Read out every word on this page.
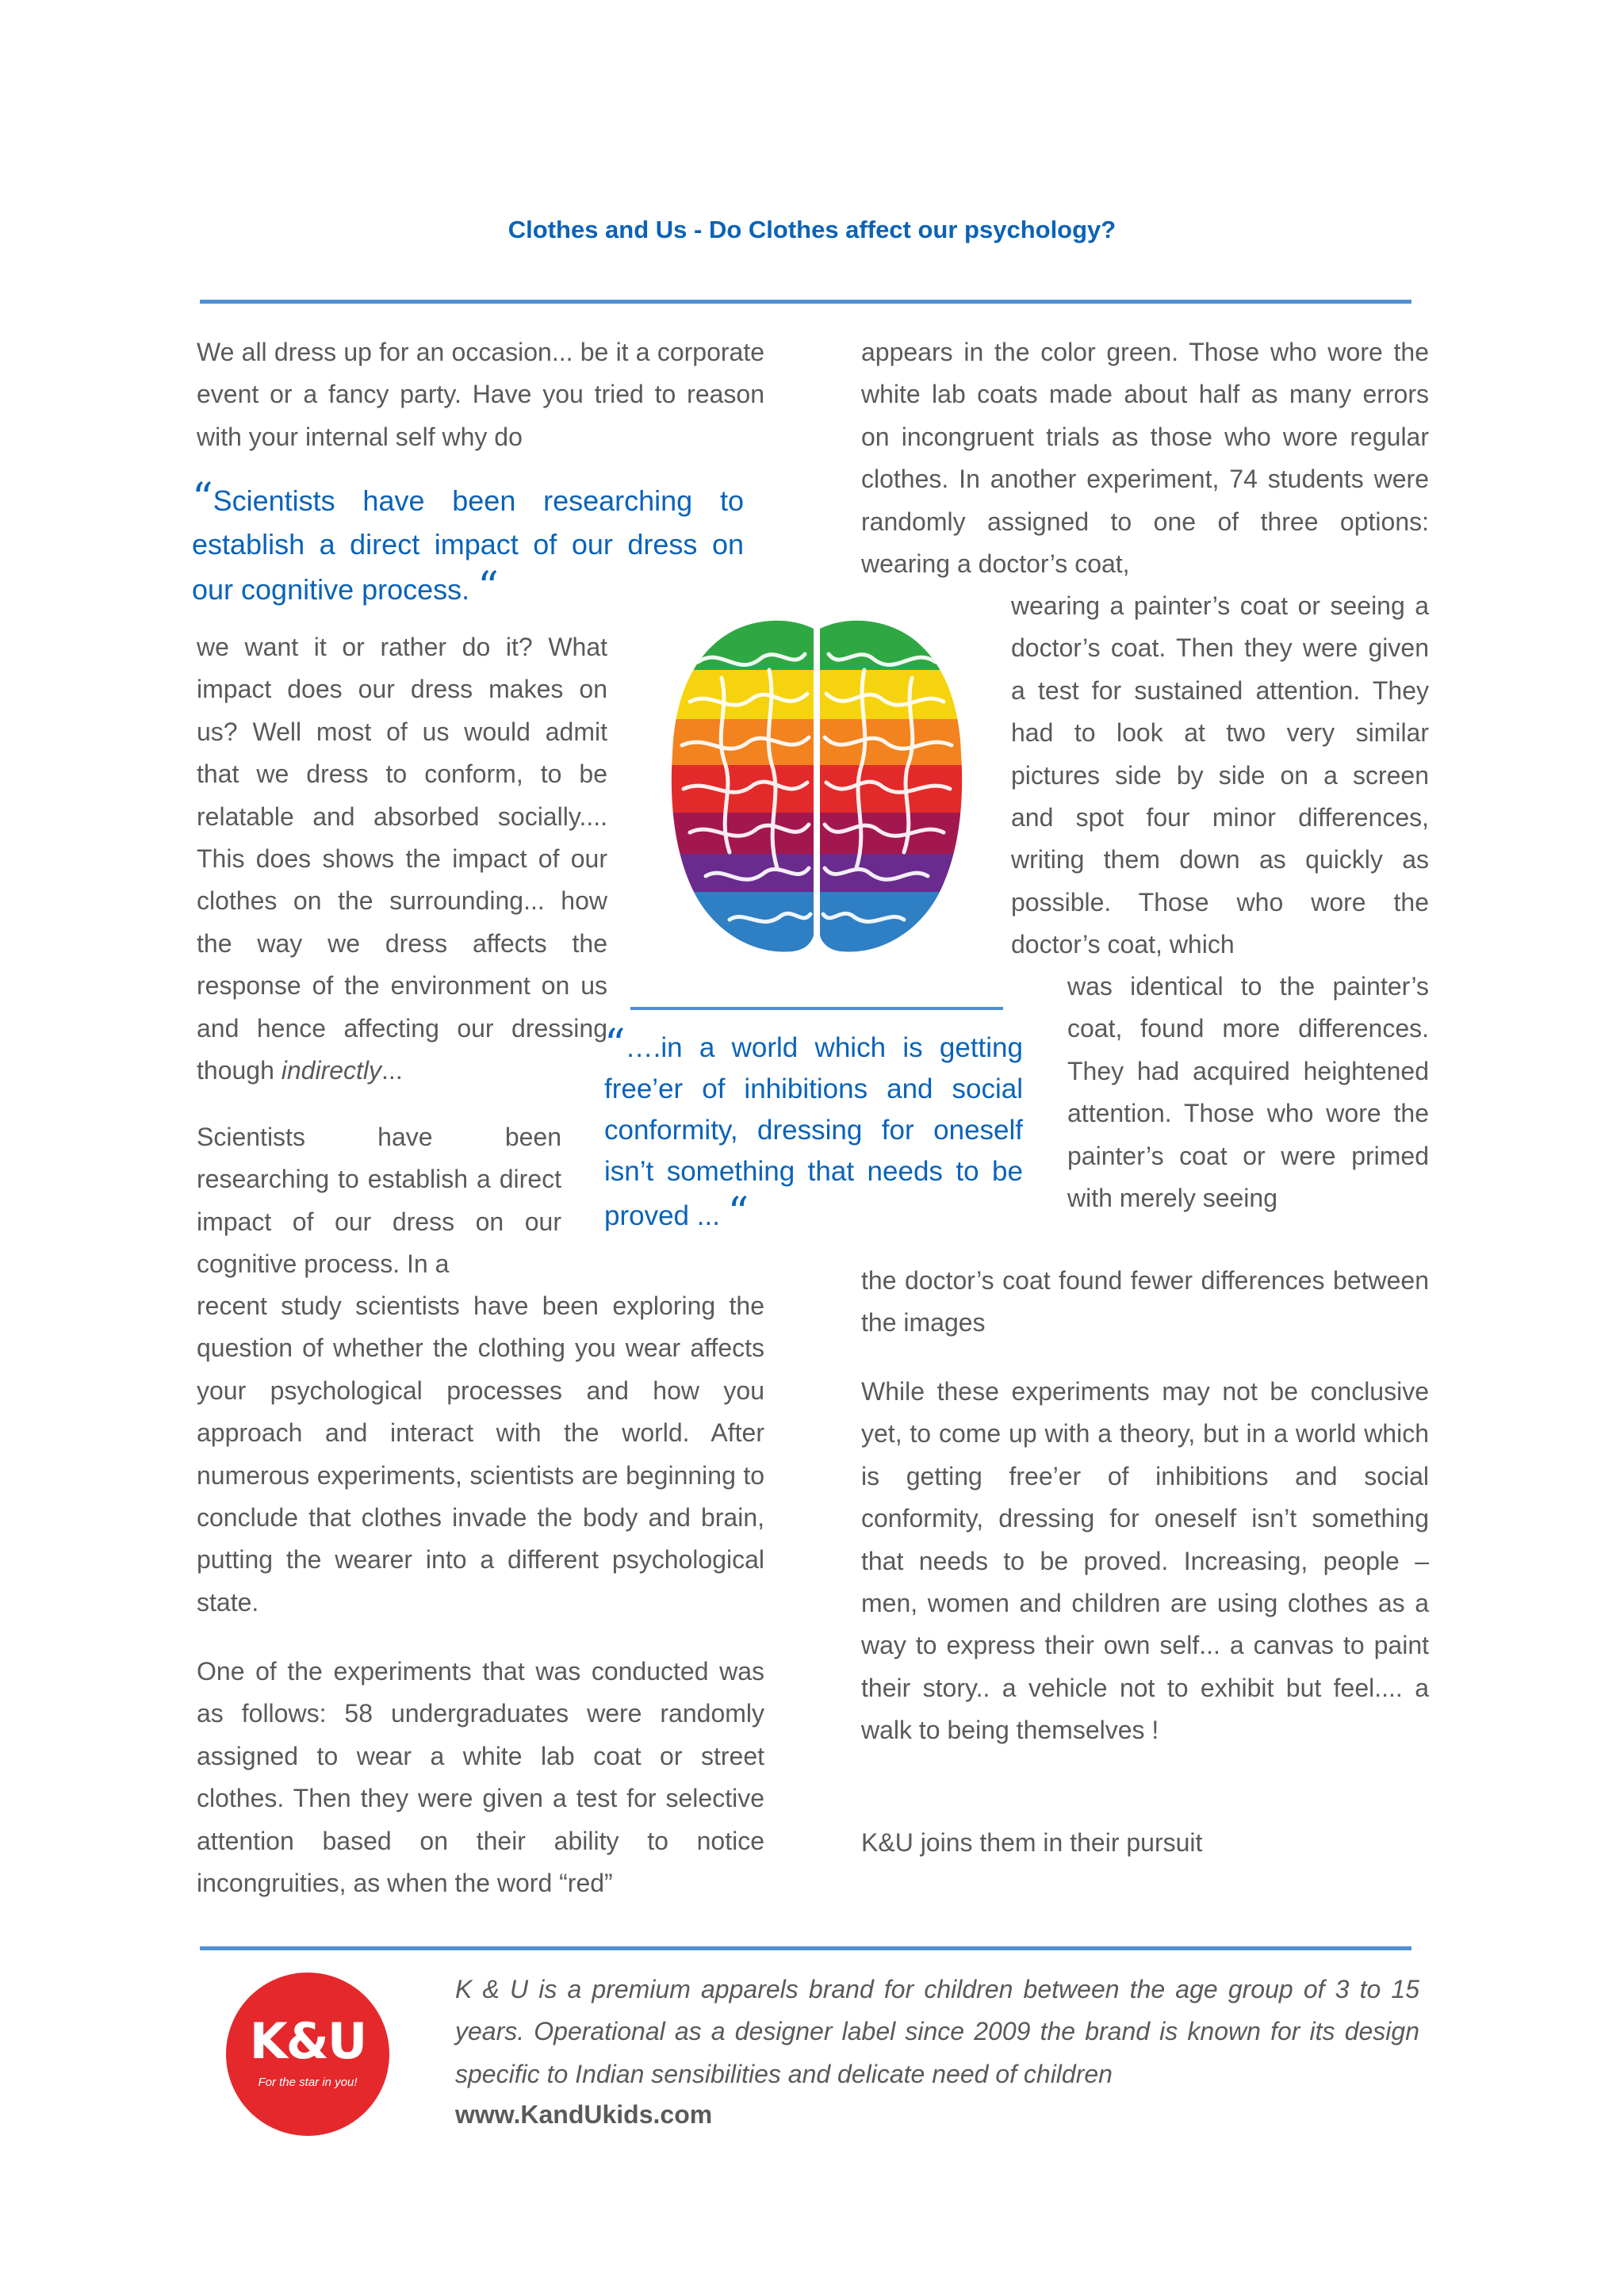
Clothes and Us - Do Clothes affect our psychology?

We all dress up for an occasion... be it a corporate event or a fancy party. Have you tried to reason with your internal self why do

“Scientists have been researching to establish a direct impact of our dress on our cognitive process. “

we want it or rather do it? What impact does our dress makes on us? Well most of us would admit that we dress to conform, to be relatable and absorbed socially.... This does shows the impact of our clothes on the surrounding... how the way we dress affects the response of the environment on us and hence affecting our dressing though indirectly...

Scientists have been researching to establish a direct impact of our dress on our cognitive process. In a

recent study scientists have been exploring the question of whether the clothing you wear affects your psychological processes and how you approach and interact with the world. After numerous experiments, scientists are beginning to conclude that clothes invade the body and brain, putting the wearer into a different psychological state.

One of the experiments that was conducted was as follows: 58 undergraduates were randomly assigned to wear a white lab coat or street clothes. Then they were given a test for selective attention based on their ability to notice incongruities, as when the word “red”

“….in a world which is getting free’er of inhibitions and social conformity, dressing for oneself isn’t something that needs to be proved ... “

appears in the color green. Those who wore the white lab coats made about half as many errors on incongruent trials as those who wore regular clothes. In another experiment, 74 students were randomly assigned to one of three options: wearing a doctor’s coat,

wearing a painter’s coat or seeing a doctor’s coat. Then they were given a test for sustained attention. They had to look at two very similar pictures side by side on a screen and spot four minor differences, writing them down as quickly as possible. Those who wore the doctor’s coat, which

was identical to the painter’s coat, found more differences. They had acquired heightened attention. Those who wore the painter’s coat or were primed with merely seeing

the doctor’s coat found fewer differences between the images

While these experiments may not be conclusive yet, to come up with a theory, but in a world which is getting free’er of inhibitions and social conformity, dressing for oneself isn’t something that needs to be proved. Increasing, people – men, women and children are using clothes as a way to express their own self... a canvas to paint their story.. a vehicle not to exhibit but feel.... a walk to being themselves !

K&U joins them in their pursuit

K&U
For the star in you!

K & U is a premium apparels brand for children between the age group of 3 to 15 years. Operational as a designer label since 2009 the brand is known for its design specific to Indian sensibilities and delicate need of children

www.KandUkids.com
